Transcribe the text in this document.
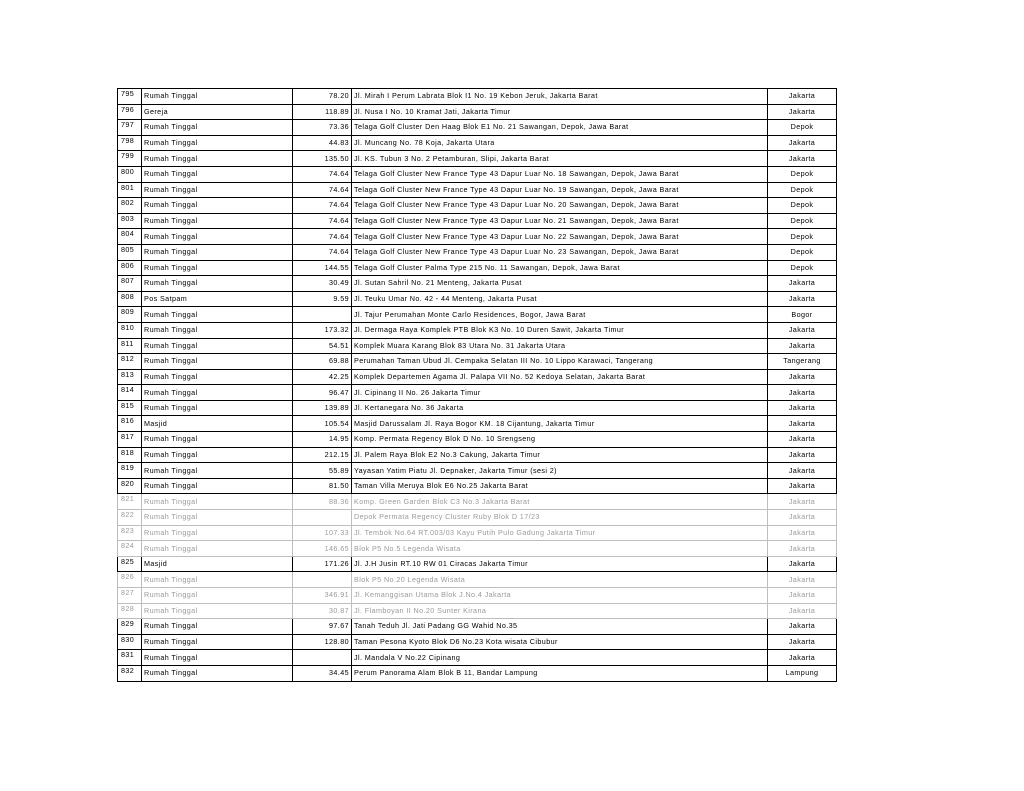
795	Rumah Tinggal	78.20	Jl. Mirah I Perum Labrata Blok I1 No. 19 Kebon Jeruk, Jakarta Barat	Jakarta
796	Gereja	118.89	Jl. Nusa I No. 10 Kramat Jati, Jakarta Timur	Jakarta
797	Rumah Tinggal	73.36	Telaga Golf Cluster Den Haag Blok E1 No. 21 Sawangan, Depok, Jawa Barat	Depok
798	Rumah Tinggal	44.83	Jl. Muncang No. 78 Koja, Jakarta Utara	Jakarta
799	Rumah Tinggal	135.50	Jl. KS. Tubun 3 No. 2 Petamburan, Slipi, Jakarta Barat	Jakarta
800	Rumah Tinggal	74.64	Telaga Golf Cluster New France Type 43 Dapur Luar No. 18 Sawangan, Depok, Jawa Barat	Depok
801	Rumah Tinggal	74.64	Telaga Golf Cluster New France Type 43 Dapur Luar No. 19 Sawangan, Depok, Jawa Barat	Depok
802	Rumah Tinggal	74.64	Telaga Golf Cluster New France Type 43 Dapur Luar No. 20 Sawangan, Depok, Jawa Barat	Depok
803	Rumah Tinggal	74.64	Telaga Golf Cluster New France Type 43 Dapur Luar No. 21 Sawangan, Depok, Jawa Barat	Depok
804	Rumah Tinggal	74.64	Telaga Golf Cluster New France Type 43 Dapur Luar No. 22 Sawangan, Depok, Jawa Barat	Depok
805	Rumah Tinggal	74.64	Telaga Golf Cluster New France Type 43 Dapur Luar No. 23 Sawangan, Depok, Jawa Barat	Depok
806	Rumah Tinggal	144.55	Telaga Golf Cluster Palma Type 215 No. 11 Sawangan, Depok, Jawa Barat	Depok
807	Rumah Tinggal	30.49	Jl. Sutan Sahril No. 21 Menteng, Jakarta Pusat	Jakarta
808	Pos Satpam	9.59	Jl. Teuku Umar No. 42 - 44 Menteng, Jakarta Pusat	Jakarta
809	Rumah Tinggal		Jl. Tajur Perumahan Monte Carlo Residences, Bogor, Jawa Barat	Bogor
810	Rumah Tinggal	173.32	Jl. Dermaga Raya Komplek PTB Blok K3 No. 10 Duren Sawit, Jakarta Timur	Jakarta
811	Rumah Tinggal	54.51	Komplek Muara Karang Blok 83 Utara No. 31 Jakarta Utara	Jakarta
812	Rumah Tinggal	69.88	Perumahan Taman Ubud Jl. Cempaka Selatan III No. 10 Lippo Karawaci, Tangerang	Tangerang
813	Rumah Tinggal	42.25	Komplek Departemen Agama Jl. Palapa VII No. 52 Kedoya Selatan, Jakarta Barat	Jakarta
814	Rumah Tinggal	96.47	Jl. Cipinang II No. 26 Jakarta Timur	Jakarta
815	Rumah Tinggal	139.89	Jl. Kertanegara No. 36 Jakarta	Jakarta
816	Masjid	105.54	Masjid Darussalam Jl. Raya Bogor KM. 18 Cijantung, Jakarta Timur	Jakarta
817	Rumah Tinggal	14.95	Komp. Permata Regency Blok D No. 10 Srengseng	Jakarta
818	Rumah Tinggal	212.15	Jl. Palem Raya Blok E2 No.3 Cakung, Jakarta Timur	Jakarta
819	Rumah Tinggal	55.89	Yayasan Yatim Piatu Jl. Depnaker, Jakarta Timur (sesi 2)	Jakarta
820	Rumah Tinggal	81.50	Taman Villa Meruya Blok E6 No.25 Jakarta Barat	Jakarta
821	Rumah Tinggal	88.36	Komp. Green Garden Blok C3 No.3 Jakarta Barat	Jakarta
822	Rumah Tinggal		Depok Permata Regency Cluster Ruby Blok D 17/23	Jakarta
823	Rumah Tinggal	107.33	Jl. Tembok No.64 RT.003/03 Kayu Putih Pulo Gadung Jakarta Timur	Jakarta
824	Rumah Tinggal	146.65	Blok P5 No.5 Legenda Wisata	Jakarta
825	Masjid	171.26	Jl. J.H Jusin RT.10 RW 01 Ciracas Jakarta Timur	Jakarta
826	Rumah Tinggal		Blok P5 No.20 Legenda Wisata	Jakarta
827	Rumah Tinggal	346.91	Jl. Kemanggisan Utama Blok J.No.4 Jakarta	Jakarta
828	Rumah Tinggal	30.87	Jl. Flamboyan II No.20 Sunter Kirana	Jakarta
829	Rumah Tinggal	97.67	Tanah Teduh Jl. Jati Padang GG Wahid No.35	Jakarta
830	Rumah Tinggal	128.80	Taman Pesona Kyoto Blok D6 No.23 Kota wisata Cibubur	Jakarta
831	Rumah Tinggal		Jl. Mandala V No.22 Cipinang	Jakarta
832	Rumah Tinggal	34.45	Perum Panorama Alam Blok B 11, Bandar Lampung	Lampung
